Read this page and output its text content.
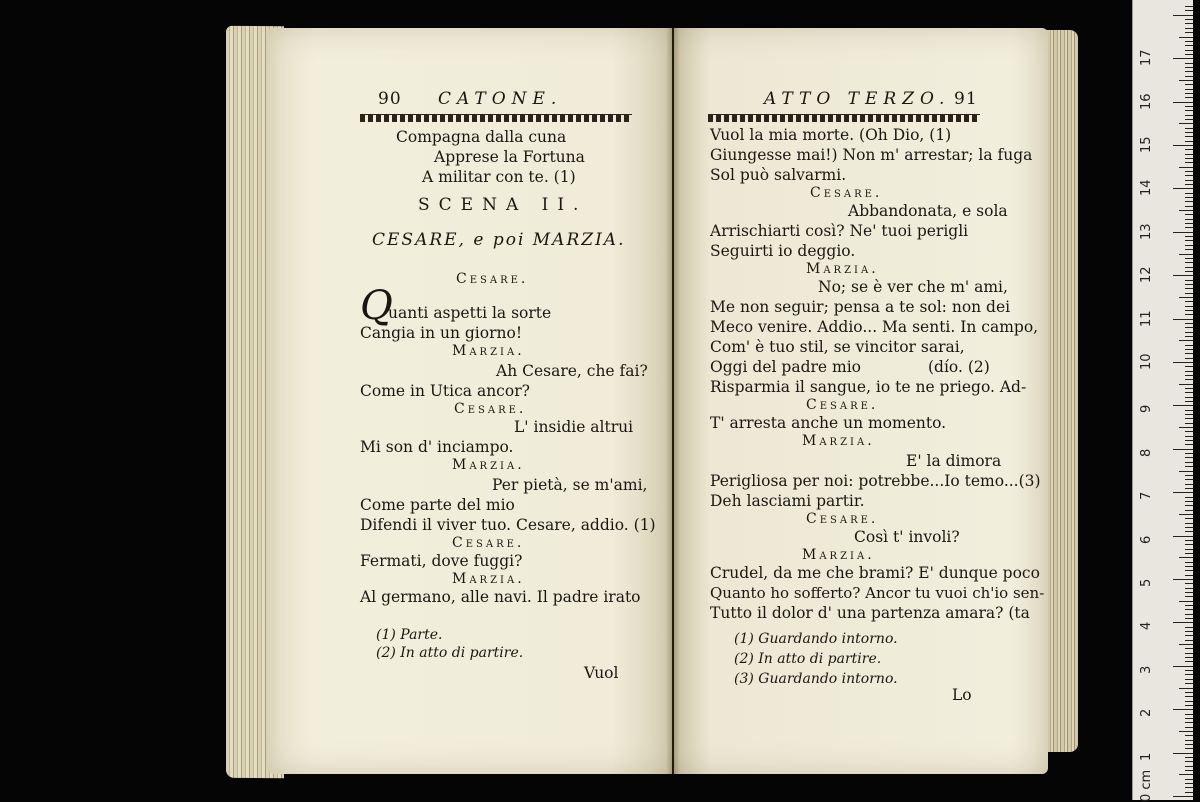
90 CATONE.
Compagna dalla cuna
Apprese la Fortuna
A militar con te. (1)
SCENA II.
CESARE, e poi MARZIA.
Cesare.
Q
uanti aspetti la sorte
Cangia in un giorno!
Marzia.
Ah Cesare, che fai?
Come in Utica ancor?
Cesare.
L' insidie altrui
Mi son d' inciampo.
Marzia.
Per pietà, se m'ami,
Come parte del mio
Difendi il viver tuo. Cesare, addio. (1)
Cesare.
Fermati, dove fuggi?
Marzia.
Al germano, alle navi. Il padre irato
(1) Parte.
(2) In atto di partire.
Vuol
ATTO TERZO. 91
Vuol la mia morte. (Oh Dio, (1)
Giungesse mai!) Non m' arrestar; la fuga
Sol può salvarmi.
Cesare.
Abbandonata, e sola
Arrischiarti così? Ne' tuoi perigli
Seguirti io deggio.
Marzia.
No; se è ver che m' ami,
Me non seguir; pensa a te sol: non dei
Meco venire. Addio... Ma senti. In campo,
Com' è tuo stil, se vincitor sarai,
Oggi del padre mio	(dío. (2)
Risparmia il sangue, io te ne priego. Ad-
Cesare.
T' arresta anche un momento.
Marzia.
E' la dimora
Perigliosa per noi: potrebbe...Io temo...(3)
Deh lasciami partir.
Cesare.
Così t' involi?
Marzia.
Crudel, da me che brami? E' dunque poco
Quanto ho sofferto? Ancor tu vuoi ch'io sen-
Tutto il dolor d' una partenza amara? (ta
(1) Guardando intorno.
(2) In atto di partire.
(3) Guardando intorno.
Lo
0 cm
1
2
3
4
5
6
7
8
9
10
11
12
13
14
15
16
17
